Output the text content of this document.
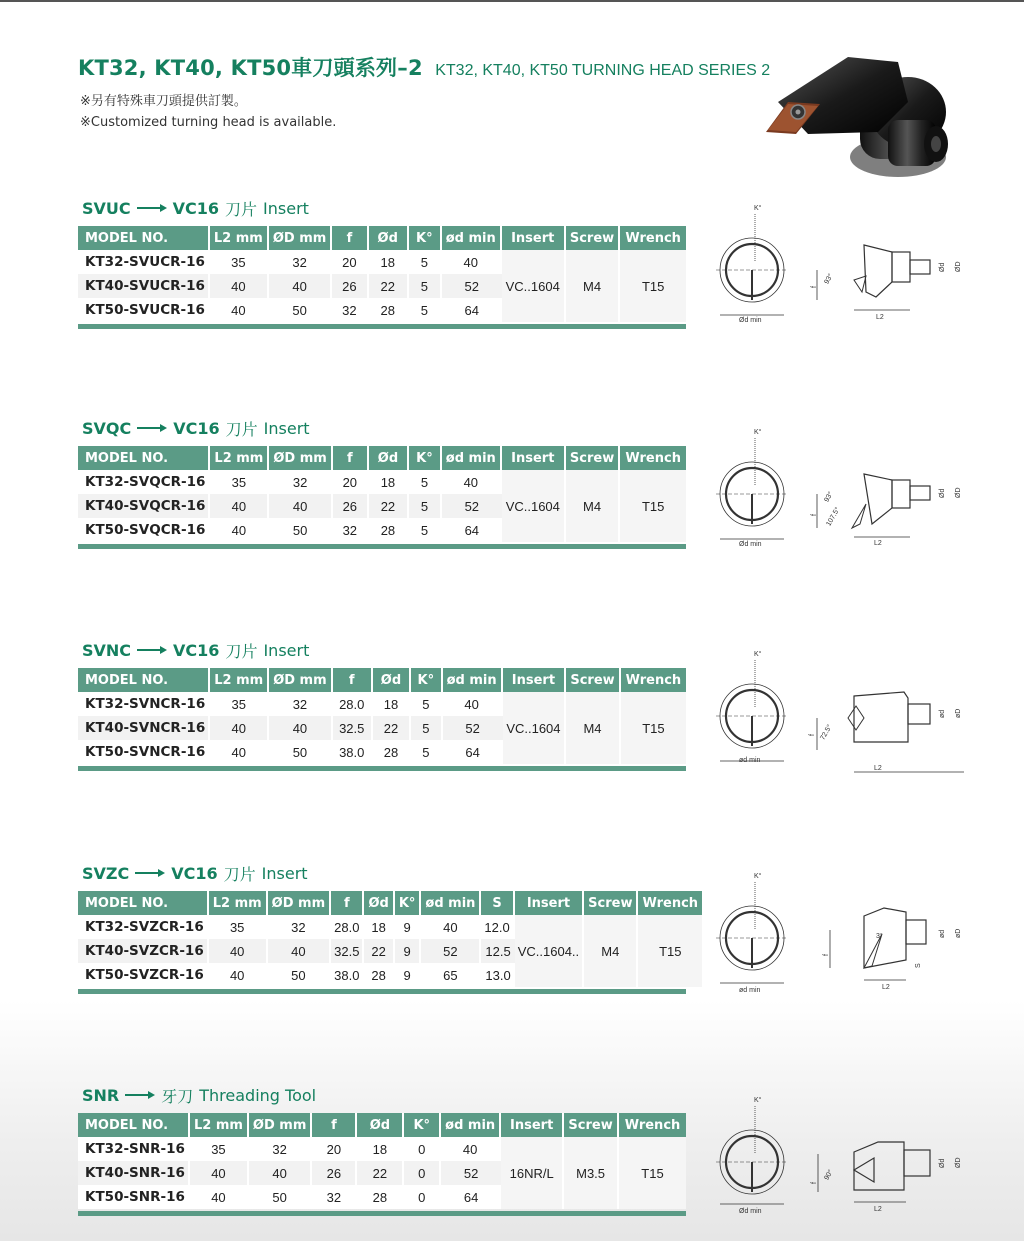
KT32, KT40, KT50車刀頭系列–2 KT32, KT40, KT50 TURNING HEAD SERIES 2
※另有特殊車刀頭提供訂製。
※Customized turning head is available.
SVUC	VC16 刀片 Insert
MODEL NO.	L2 mm	ØD mm	f	Ød	K°	ød min	Insert	Screw	Wrench
KT32-SVUCR-16	35	32	20	18	5	40	VC..1604	M4	T15
KT40-SVUCR-16	40	40	26	22	5	52			
KT50-SVUCR-16	40	50	32	28	5	64			
SVQC	VC16 刀片 Insert
MODEL NO.	L2 mm	ØD mm	f	Ød	K°	ød min	Insert	Screw	Wrench
KT32-SVQCR-16	35	32	20	18	5	40	VC..1604	M4	T15
KT40-SVQCR-16	40	40	26	22	5	52			
KT50-SVQCR-16	40	50	32	28	5	64			
SVNC	VC16 刀片 Insert
MODEL NO.	L2 mm	ØD mm	f	Ød	K°	ød min	Insert	Screw	Wrench
KT32-SVNCR-16	35	32	28.0	18	5	40	VC..1604	M4	T15
KT40-SVNCR-16	40	40	32.5	22	5	52			
KT50-SVNCR-16	40	50	38.0	28	5	64			
SVZC	VC16 刀片 Insert
MODEL NO.	L2 mm	ØD mm	f	Ød	K°	ød min	S	Insert	Screw	Wrench
KT32-SVZCR-16	35	32	28.0	18	9	40	12.0	VC..1604..	M4	T15
KT40-SVZCR-16	40	40	32.5	22	9	52	12.5			
KT50-SVZCR-16	40	50	38.0	28	9	65	13.0			
SNR	牙刀 Threading Tool
MODEL NO.	L2 mm	ØD mm	f	Ød	K°	ød min	Insert	Screw	Wrench
KT32-SNR-16	35	32	20	18	0	40	16NR/L	M3.5	T15
KT40-SNR-16	40	40	26	22	0	52			
KT50-SNR-16	40	50	32	28	0	64			
K°
Ød min
93°
f
L2
Ød ØD
K°
Ød min
93°
107.5°
f
L2
Ød ØD
K°
ød min
72.5°
f
L2
ød øD
K°
ød min
3°
f
S
L2
ød øD
K°
Ød min
90°
f
L2
Ød ØD
